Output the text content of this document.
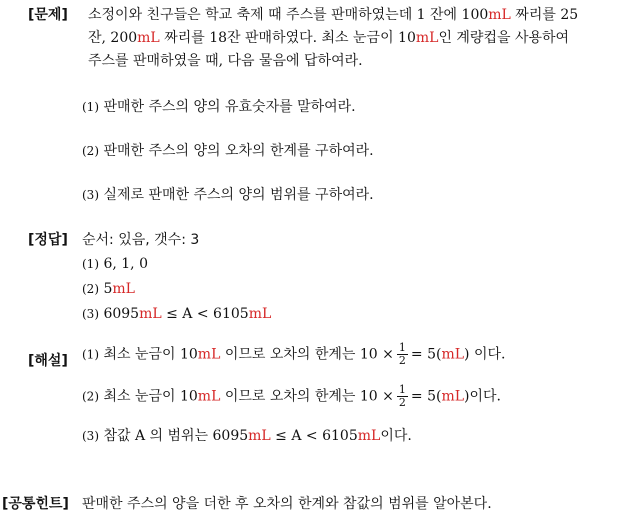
[문제] 소정이와 친구들은 학교 축제 때 주스를 판매하였는데 1 잔에 100mL 짜리를 25
잔, 200mL 짜리를 18잔 판매하였다. 최소 눈금이 10mL인 계량컵을 사용하여
주스를 판매하였을 때, 다음 물음에 답하여라.
(1) 판매한 주스의 양의 유효숫자를 말하여라.
(2) 판매한 주스의 양의 오차의 한계를 구하여라.
(3) 실제로 판매한 주스의 양의 범위를 구하여라.
[정답] 순서: 있음, 갯수: 3
(1) 6, 1, 0
(2) 5mL
(3) 6095mL ≤ A < 6105mL
[해설] (1) 최소 눈금이 10mL 이므로 오차의 한계는 $10 \times \frac{1}{2} = 5(mL)$ 이다.
(2) 최소 눈금이 10mL 이므로 오차의 한계는 $10 \times \frac{1}{2} = 5(mL)$이다.
(3) 참값 A 의 범위는 6095mL ≤ A < 6105mL이다.
[공통힌트] 판매한 주스의 양을 더한 후 오차의 한계와 참값의 범위를 알아본다.
